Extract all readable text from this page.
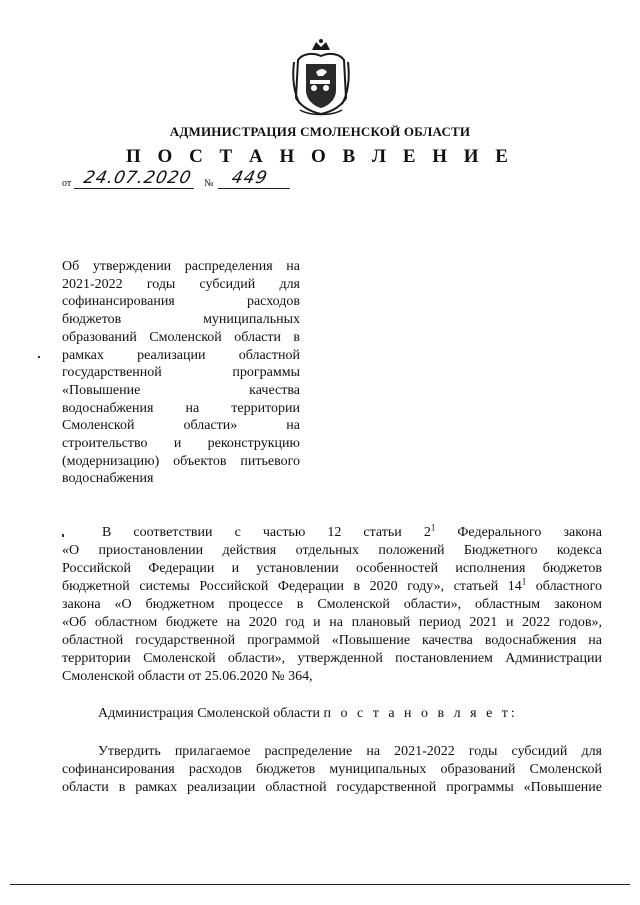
АДМИНИСТРАЦИЯ СМОЛЕНСКОЙ ОБЛАСТИ
П О С Т А Н О В Л Е Н И Е
от 24.07.2020 № 449
Об утверждении распределения на
2021-2022 годы субсидий для
софинансирования расходов
бюджетов муниципальных
образований Смоленской области в
рамках реализации областной
государственной программы
«Повышение качества
водоснабжения на территории
Смоленской области» на
строительство и реконструкцию
(модернизацию) объектов питьевого
водоснабжения
В соответствии с частью 12 статьи $2^1$ Федерального закона
«О приостановлении действия отдельных положений Бюджетного кодекса
Российской Федерации и установлении особенностей исполнения бюджетов
бюджетной системы Российской Федерации в 2020 году», статьей $14^1$ областного
закона «О бюджетном процессе в Смоленской области», областным законом
«Об областном бюджете на 2020 год и на плановый период 2021 и 2022 годов»,
областной государственной программой «Повышение качества водоснабжения на
территории Смоленской области», утвержденной постановлением Администрации
Смоленской области от 25.06.2020 № 364,
Администрация Смоленской области п о с т а н о в л я е т:
Утвердить прилагаемое распределение на 2021-2022 годы субсидий для
софинансирования расходов бюджетов муниципальных образований Смоленской
области в рамках реализации областной государственной программы «Повышение
